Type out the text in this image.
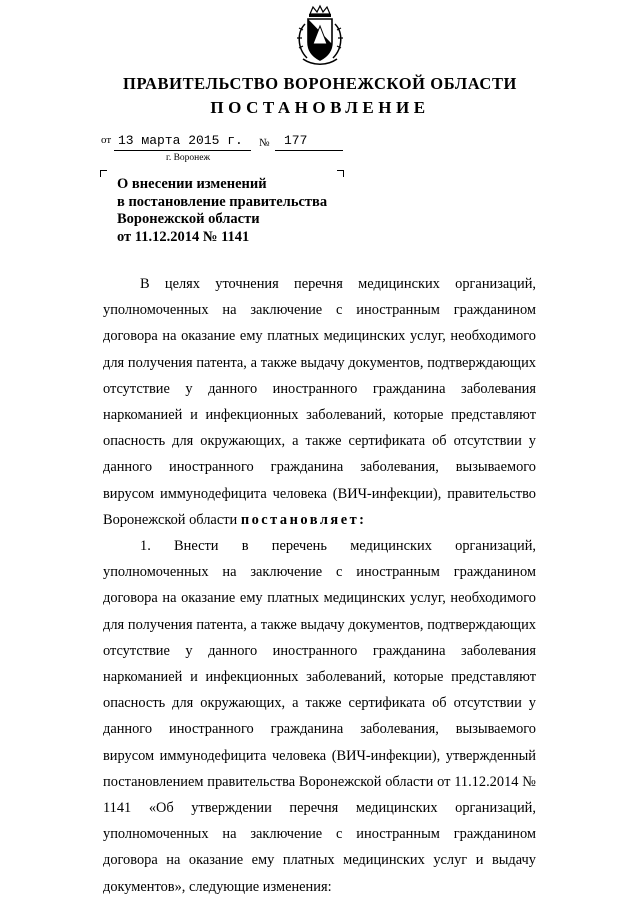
ПРАВИТЕЛЬСТВО ВОРОНЕЖСКОЙ ОБЛАСТИ
ПОСТАНОВЛЕНИЕ
от 13 марта 2015 г. № 177
г. Воронеж
О внесении изменений
в постановление правительства
Воронежской области
от 11.12.2014 № 1141

В целях уточнения перечня медицинских организаций, уполномоченных на заключение с иностранным гражданином договора на оказание ему платных медицинских услуг, необходимого для получения патента, а также выдачу документов, подтверждающих отсутствие у данного иностранного гражданина заболевания наркоманией и инфекционных заболеваний, которые представляют опасность для окружающих, а также сертификата об отсутствии у данного иностранного гражданина заболевания, вызываемого вирусом иммунодефицита человека (ВИЧ-инфекции), правительство Воронежской области постановляет:

1. Внести в перечень медицинских организаций, уполномоченных на заключение с иностранным гражданином договора на оказание ему платных медицинских услуг, необходимого для получения патента, а также выдачу документов, подтверждающих отсутствие у данного иностранного гражданина заболевания наркоманией и инфекционных заболеваний, которые представляют опасность для окружающих, а также сертификата об отсутствии у данного иностранного гражданина заболевания, вызываемого вирусом иммунодефицита человека (ВИЧ-инфекции), утвержденный постановлением правительства Воронежской области от 11.12.2014 № 1141 «Об утверждении перечня медицинских организаций, уполномоченных на заключение с иностранным гражданином договора на оказание ему платных медицинских услуг и выдачу документов», следующие изменения:
